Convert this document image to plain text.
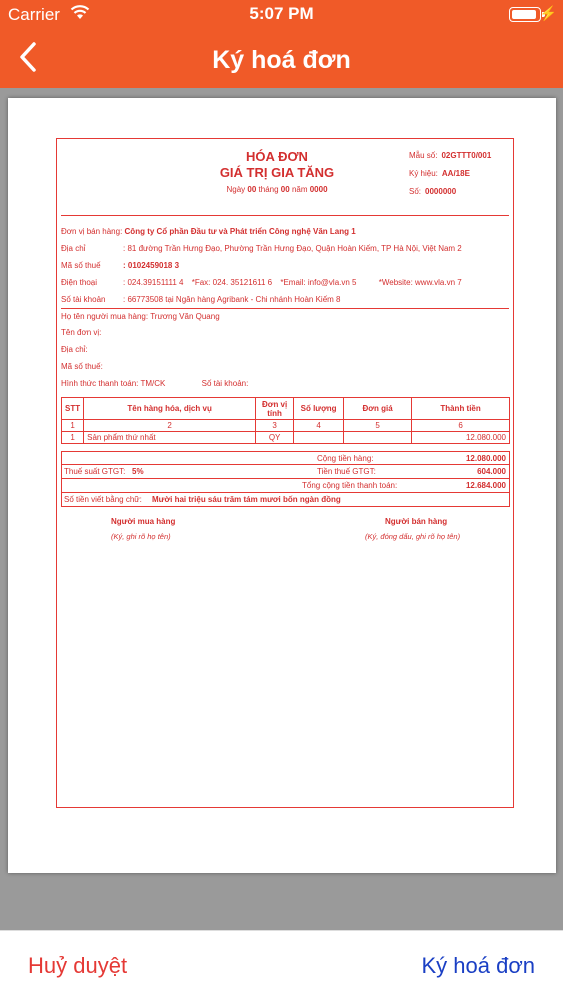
Carrier	5:07 PM	⚡
Ký hoá đơn
HÓA ĐƠN
GIÁ TRỊ GIA TĂNG
Ngày 00 tháng 00 năm 0000
Mẫu số: 02GTTT0/001
Ký hiệu: AA/18E
Số: 0000000
Đơn vị bán hàng: Công ty Cổ phần Đầu tư và Phát triển Công nghệ Văn Lang 1
Địa chỉ	: 81 đường Trần Hưng Đạo, Phường Trần Hưng Đạo, Quận Hoàn Kiếm, TP Hà Nội, Việt Nam 2
Mã số thuế	: 0102459018 3
Điện thoại	: 024.39151111 4 *Fax: 024. 35121611 6 *Email: info@vla.vn 5	*Website: www.vla.vn 7
Số tài khoản : 66773508 tại Ngân hàng Agribank - Chi nhánh Hoàn Kiếm 8
Họ tên người mua hàng: Trương Văn Quang
Tên đơn vị:
Địa chỉ:
Mã số thuế:
Hình thức thanh toán: TM/CK	Số tài khoản:
STT	Tên hàng hóa, dịch vụ	Đơn vị tính	Số lượng	Đơn giá	Thành tiền
1	2	3	4	5	6
1	Sản phẩm thứ nhất	QY			12.080.000
Cộng tiền hàng:	12.080.000
Thuế suất GTGT: 5%	Tiền thuế GTGT:	604.000
Tổng cộng tiền thanh toán:	12.684.000
Số tiền viết bằng chữ: Mười hai triệu sáu trăm tám mươi bốn ngàn đồng
Người mua hàng
(Ký, ghi rõ họ tên)
Người bán hàng
(Ký, đóng dấu, ghi rõ họ tên)
Huỷ duyệt	Ký hoá đơn
